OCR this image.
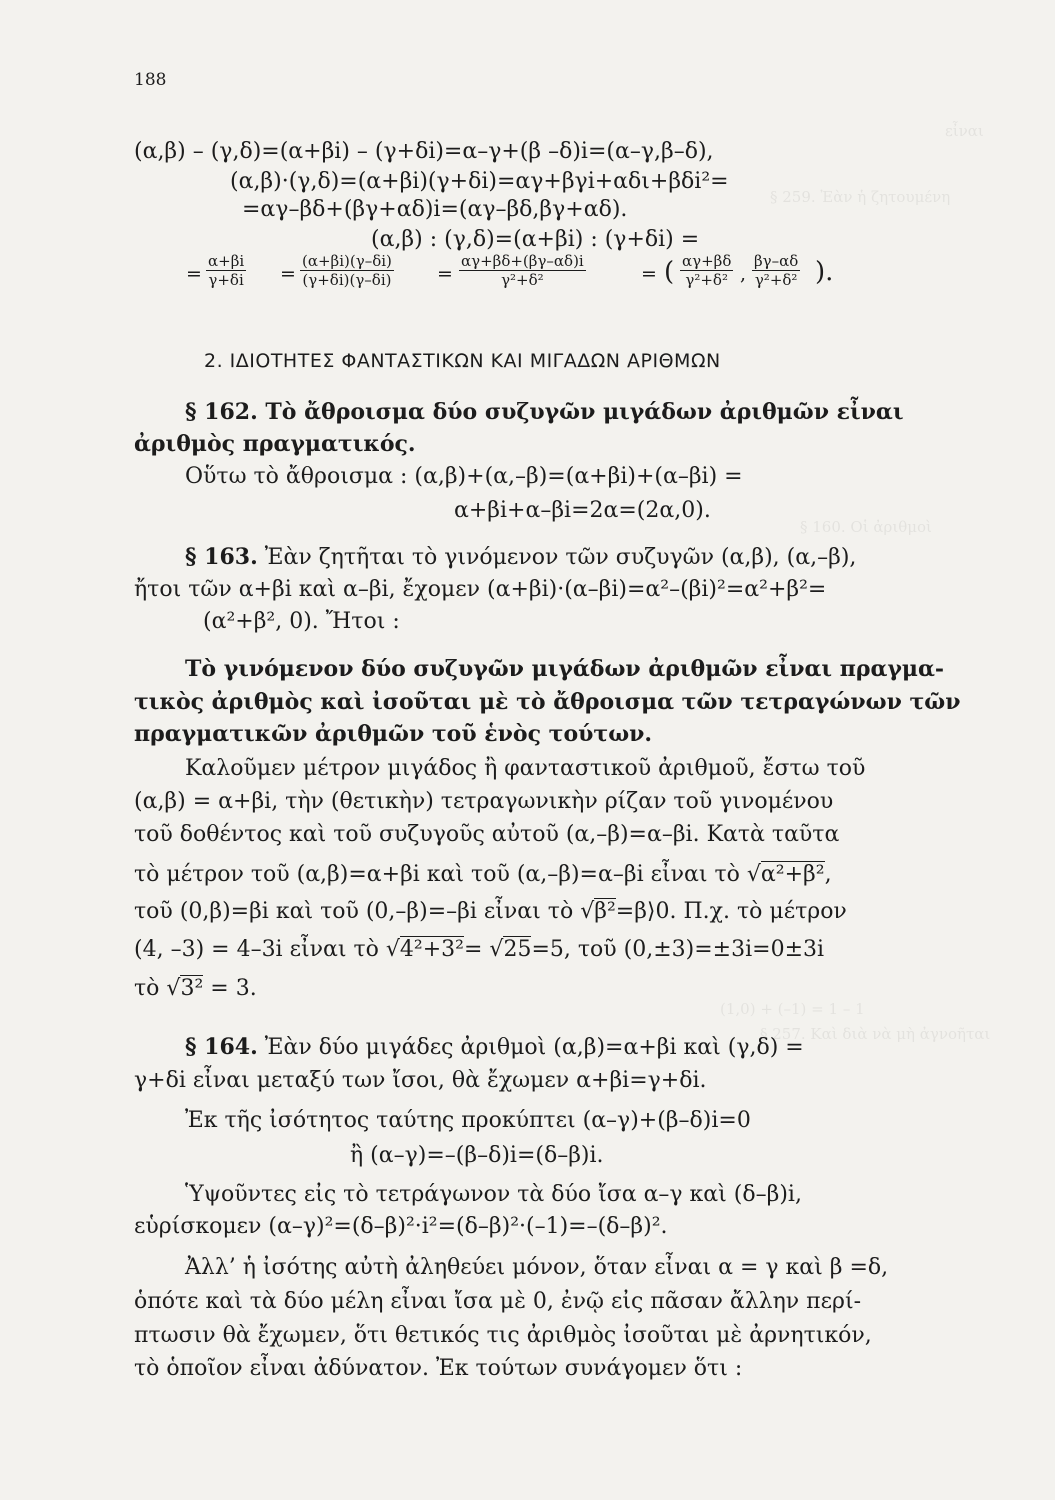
εἶναι
§ 259. Ἐὰν ἡ ζητουμένη
§ 160. Οἱ ἀριθμοὶ
(1,0) + (–1) = 1 – 1
§ 257. Καὶ διὰ νὰ μὴ ἀγνοῆται
188
(α,β) – (γ,δ)=(α+βi) – (γ+δi)=α–γ+(β –δ)i=(α–γ,β–δ),
(α,β)·(γ,δ)=(α+βi)(γ+δi)=αγ+βγi+αδι+βδi²=
=αγ–βδ+(βγ+αδ)i=(αγ–βδ,βγ+αδ).
(α,β) : (γ,δ)=(α+βi) : (γ+δi) =
= $\frac{\alpha+\beta i}{\gamma+\delta i} = \frac{(\alpha+\beta i)(\gamma-\delta i)}{(\gamma+\delta i)(\gamma-\delta i)} = \frac{\alpha\gamma+\beta\delta+(\beta\gamma-\alpha\delta)i}{\text{γ²+δ²}}$	= ( $\frac{\alpha\gamma+\beta\delta}{\text{γ²+δ²}}$ , $\frac{\beta\gamma-\alpha\delta}{\text{γ²+δ²}}$ ).
2. ΙΔΙΟΤΗΤΕΣ ΦΑΝΤΑΣΤΙΚΩΝ ΚΑΙ ΜΙΓΑΔΩΝ ΑΡΙΘΜΩΝ
§ 162. Τὸ ἄθροισμα δύο συζυγῶν μιγάδων ἀριθμῶν εἶναι
ἀριθμὸς πραγματικός.
Οὕτω τὸ ἄθροισμα : (α,β)+(α,–β)=(α+βi)+(α–βi) =
α+βi+α–βi=2α=(2α,0).
§ 163. Ἐὰν ζητῆται τὸ γινόμενον τῶν συζυγῶν (α,β), (α,–β),
ἤτοι τῶν α+βi καὶ α–βi, ἔχομεν (α+βi)·(α–βi)=α²–(βi)²=α²+β²=
(α²+β², 0). Ἤτοι :
Τὸ γινόμενον δύο συζυγῶν μιγάδων ἀριθμῶν εἶναι πραγμα-
τικὸς ἀριθμὸς καὶ ἰσοῦται μὲ τὸ ἄθροισμα τῶν τετραγώνων τῶν
πραγματικῶν ἀριθμῶν τοῦ ἑνὸς τούτων.
Καλοῦμεν μέτρον μιγάδος ἢ φανταστικοῦ ἀριθμοῦ, ἔστω τοῦ
(α,β) = α+βi, τὴν (θετικὴν) τετραγωνικὴν ρίζαν τοῦ γινομένου
τοῦ δοθέντος καὶ τοῦ συζυγοῦς αὐτοῦ (α,–β)=α–βi. Κατὰ ταῦτα
τὸ μέτρον τοῦ (α,β)=α+βi καὶ τοῦ (α,–β)=α–βi εἶναι τὸ √α²+β²,
τοῦ (0,β)=βi καὶ τοῦ (0,–β)=–βi εἶναι τὸ √β²=β⟩0. Π.χ. τὸ μέτρον
(4, –3) = 4–3i εἶναι τὸ √4²+3²= √25=5, τοῦ (0,±3)=±3i=0±3i
τὸ √3² = 3.
§ 164. Ἐὰν δύο μιγάδες ἀριθμοὶ (α,β)=α+βi καὶ (γ,δ) =
γ+δi εἶναι μεταξύ των ἴσοι, θὰ ἔχωμεν α+βi=γ+δi.
Ἐκ τῆς ἰσότητος ταύτης προκύπτει (α–γ)+(β–δ)i=0
ἢ (α–γ)=–(β–δ)i=(δ–β)i.
Ὑψοῦντες εἰς τὸ τετράγωνον τὰ δύο ἴσα α–γ καὶ (δ–β)i,
εὑρίσκομεν (α–γ)²=(δ–β)²·i²=(δ–β)²·(–1)=–(δ–β)².
Ἀλλ’ ἡ ἰσότης αὐτὴ ἀληθεύει μόνον, ὅταν εἶναι α = γ καὶ β =δ,
ὁπότε καὶ τὰ δύο μέλη εἶναι ἴσα μὲ 0, ἐνῷ εἰς πᾶσαν ἄλλην περί-
πτωσιν θὰ ἔχωμεν, ὅτι θετικός τις ἀριθμὸς ἰσοῦται μὲ ἀρνητικόν,
τὸ ὁποῖον εἶναι ἀδύνατον. Ἐκ τούτων συνάγομεν ὅτι :
